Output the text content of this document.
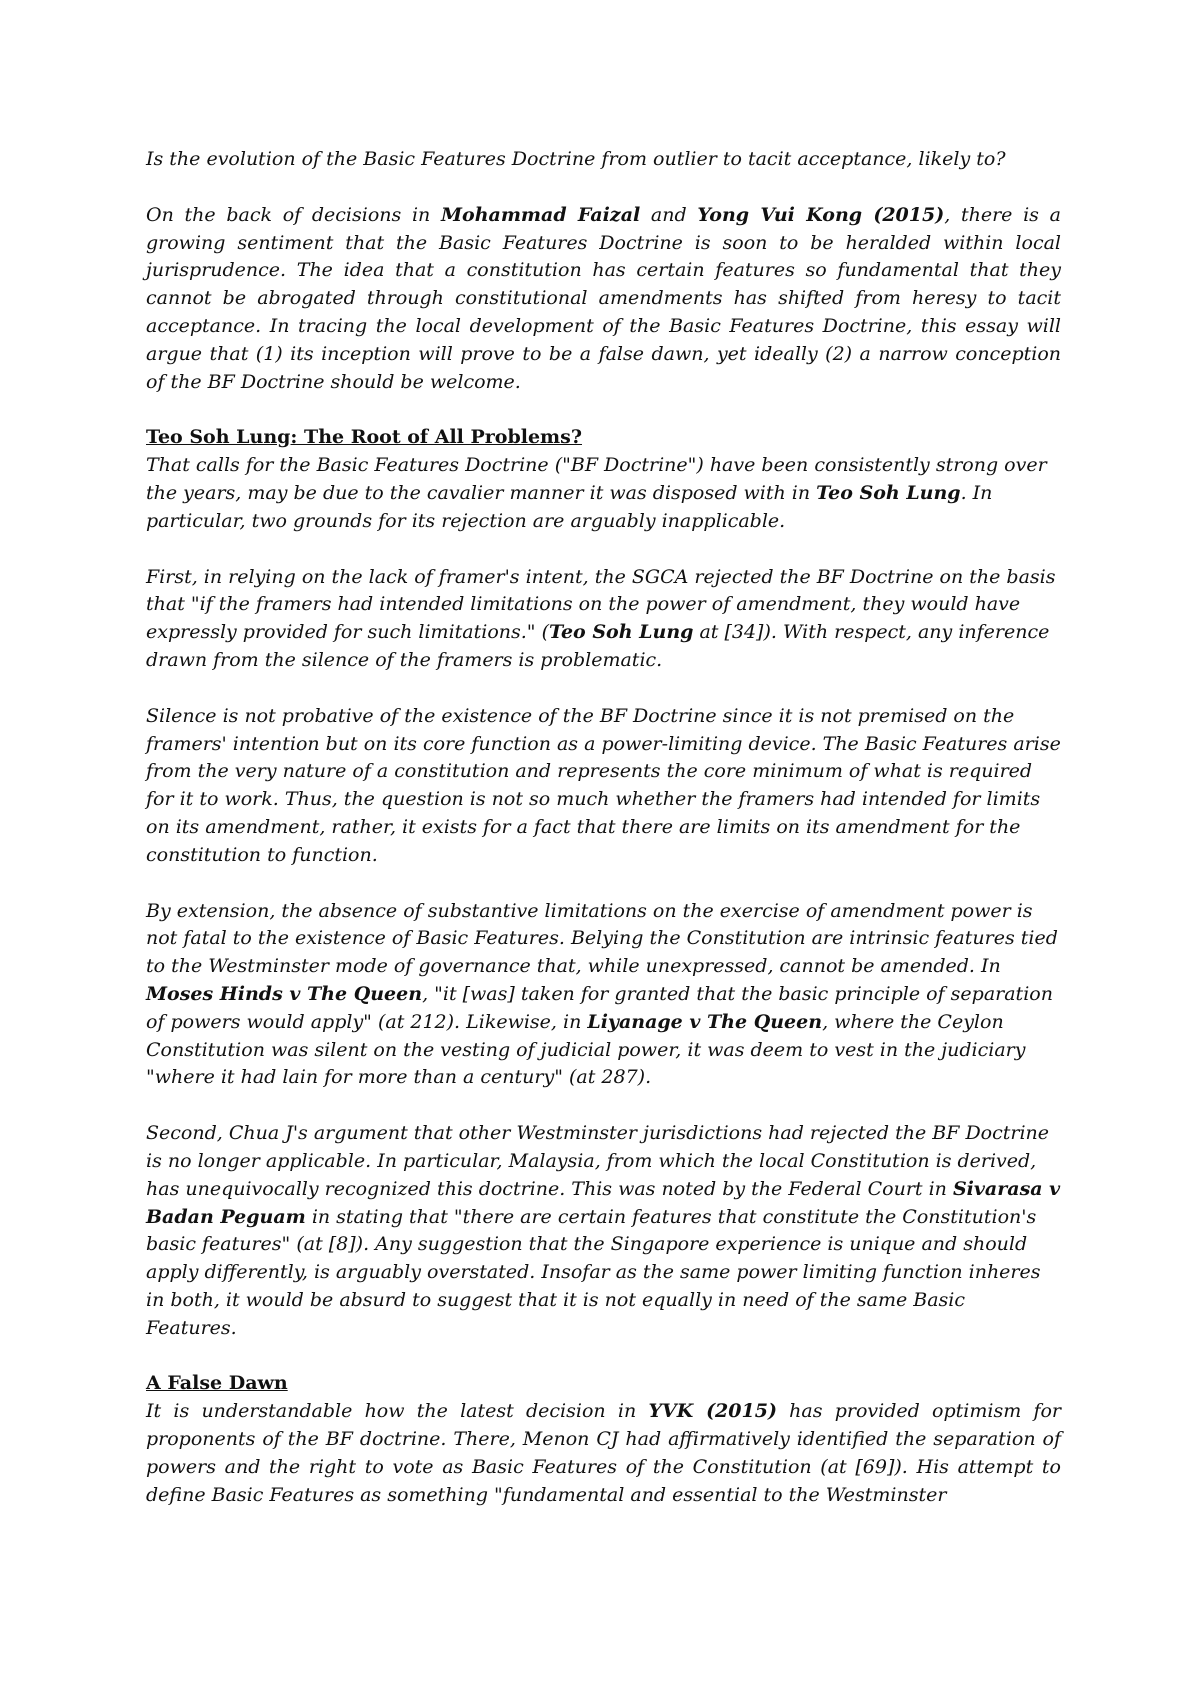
Is the evolution of the Basic Features Doctrine from outlier to tacit acceptance, likely to?

On the back of decisions in Mohammad Faizal and Yong Vui Kong (2015), there is a growing sentiment that the Basic Features Doctrine is soon to be heralded within local jurisprudence. The idea that a constitution has certain features so fundamental that they cannot be abrogated through constitutional amendments has shifted from heresy to tacit acceptance. In tracing the local development of the Basic Features Doctrine, this essay will argue that (1) its inception will prove to be a false dawn, yet ideally (2) a narrow conception of the BF Doctrine should be welcome.

Teo Soh Lung: The Root of All Problems?

That calls for the Basic Features Doctrine ("BF Doctrine") have been consistently strong over the years, may be due to the cavalier manner it was disposed with in Teo Soh Lung. In particular, two grounds for its rejection are arguably inapplicable.

First, in relying on the lack of framer's intent, the SGCA rejected the BF Doctrine on the basis that "if the framers had intended limitations on the power of amendment, they would have expressly provided for such limitations." (Teo Soh Lung at [34]). With respect, any inference drawn from the silence of the framers is problematic.

Silence is not probative of the existence of the BF Doctrine since it is not premised on the framers' intention but on its core function as a power-limiting device. The Basic Features arise from the very nature of a constitution and represents the core minimum of what is required for it to work. Thus, the question is not so much whether the framers had intended for limits on its amendment, rather, it exists for a fact that there are limits on its amendment for the constitution to function.

By extension, the absence of substantive limitations on the exercise of amendment power is not fatal to the existence of Basic Features. Belying the Constitution are intrinsic features tied to the Westminster mode of governance that, while unexpressed, cannot be amended. In Moses Hinds v The Queen, "it [was] taken for granted that the basic principle of separation of powers would apply" (at 212). Likewise, in Liyanage v The Queen, where the Ceylon Constitution was silent on the vesting of judicial power, it was deem to vest in the judiciary "where it had lain for more than a century" (at 287).

Second, Chua J's argument that other Westminster jurisdictions had rejected the BF Doctrine is no longer applicable. In particular, Malaysia, from which the local Constitution is derived, has unequivocally recognized this doctrine. This was noted by the Federal Court in Sivarasa v Badan Peguam in stating that "there are certain features that constitute the Constitution's basic features" (at [8]). Any suggestion that the Singapore experience is unique and should apply differently, is arguably overstated. Insofar as the same power limiting function inheres in both, it would be absurd to suggest that it is not equally in need of the same Basic Features.

A False Dawn

It is understandable how the latest decision in YVK (2015) has provided optimism for proponents of the BF doctrine. There, Menon CJ had affirmatively identified the separation of powers and the right to vote as Basic Features of the Constitution (at [69]). His attempt to define Basic Features as something "fundamental and essential to the Westminster
